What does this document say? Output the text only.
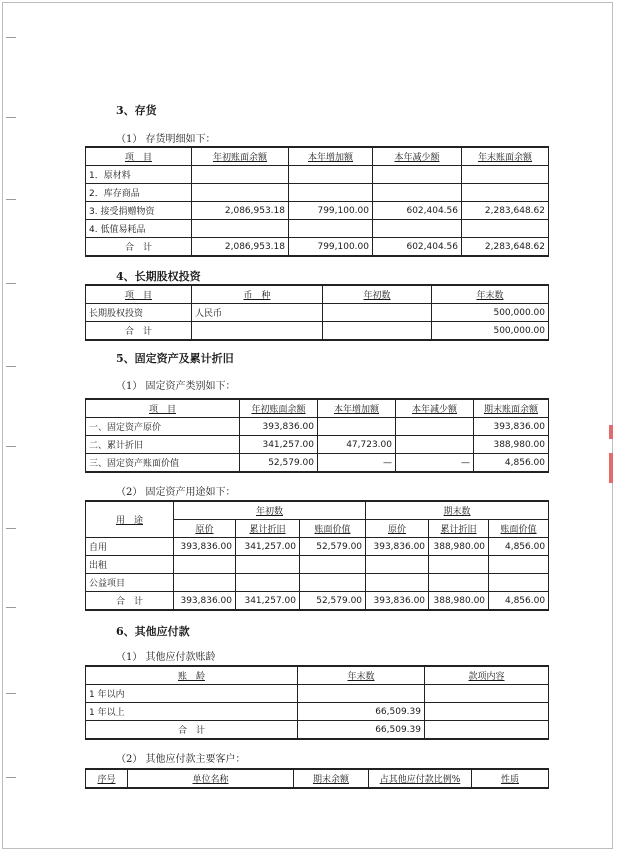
3、存货
（1） 存货明细如下：
项　目	年初账面余额	本年增加额	本年减少额	年末账面余额
1．原材料				
2．库存商品				
3. 接受捐赠物资	2,086,953.18	799,100.00	602,404.56	2,283,648.62
4. 低值易耗品				
合　计	2,086,953.18	799,100.00	602,404.56	2,283,648.62
4、长期股权投资
项　目	币　种	年初数	年末数
长期股权投资	人民币		500,000.00
合　计			500,000.00
5、固定资产及累计折旧
（1） 固定资产类别如下：
项　目	年初账面余额	本年增加额	本年减少额	期末账面余额
一、固定资产原价	393,836.00			393,836.00
二、累计折旧	341,257.00	47,723.00		388,980.00
三、固定资产账面价值	52,579.00	—	—	4,856.00
（2） 固定资产用途如下：
用　途	年初数			期末数		
	原价	累计折旧	账面价值	原价	累计折旧	账面价值
自用	393,836.00	341,257.00	52,579.00	393,836.00	388,980.00	4,856.00
出租						
公益项目						
合　计	393,836.00	341,257.00	52,579.00	393,836.00	388,980.00	4,856.00
6、其他应付款
（1） 其他应付款账龄
账　龄	年末数	款项内容
1 年以内		
1 年以上	66,509.39	
合　计	66,509.39	
（2） 其他应付款主要客户：
序号	单位名称	期末余额	占其他应付款比例%	性质
